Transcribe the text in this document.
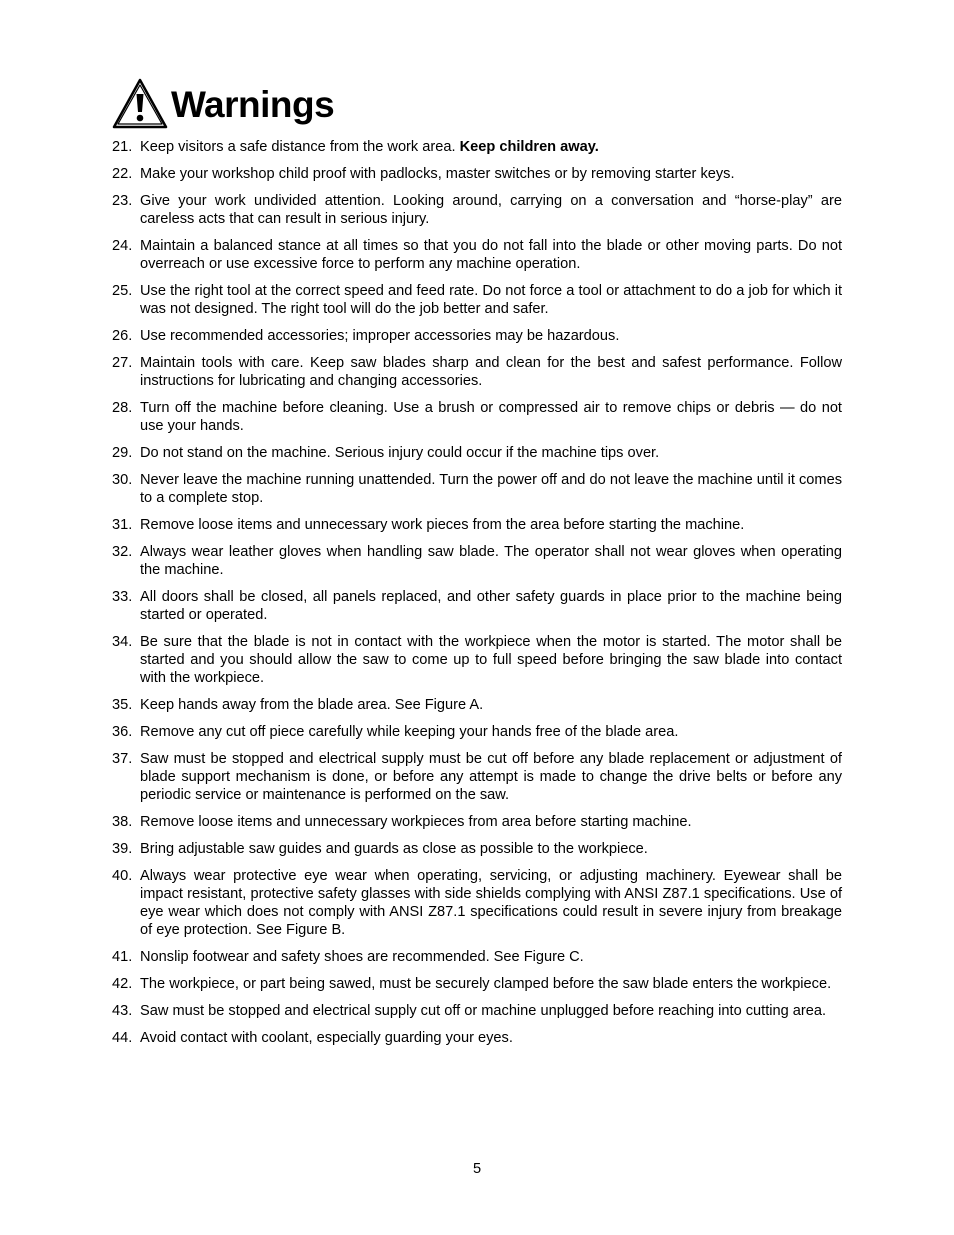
Warnings
21. Keep visitors a safe distance from the work area. Keep children away.
22. Make your workshop child proof with padlocks, master switches or by removing starter keys.
23. Give your work undivided attention. Looking around, carrying on a conversation and “horse-play” are careless acts that can result in serious injury.
24. Maintain a balanced stance at all times so that you do not fall into the blade or other moving parts. Do not overreach or use excessive force to perform any machine operation.
25. Use the right tool at the correct speed and feed rate. Do not force a tool or attachment to do a job for which it was not designed. The right tool will do the job better and safer.
26. Use recommended accessories; improper accessories may be hazardous.
27. Maintain tools with care. Keep saw blades sharp and clean for the best and safest performance. Follow instructions for lubricating and changing accessories.
28. Turn off the machine before cleaning. Use a brush or compressed air to remove chips or debris — do not use your hands.
29. Do not stand on the machine. Serious injury could occur if the machine tips over.
30. Never leave the machine running unattended. Turn the power off and do not leave the machine until it comes to a complete stop.
31. Remove loose items and unnecessary work pieces from the area before starting the machine.
32. Always wear leather gloves when handling saw blade. The operator shall not wear gloves when operating the machine.
33. All doors shall be closed, all panels replaced, and other safety guards in place prior to the machine being started or operated.
34. Be sure that the blade is not in contact with the workpiece when the motor is started. The motor shall be started and you should allow the saw to come up to full speed before bringing the saw blade into contact with the workpiece.
35. Keep hands away from the blade area. See Figure A.
36. Remove any cut off piece carefully while keeping your hands free of the blade area.
37. Saw must be stopped and electrical supply must be cut off before any blade replacement or adjustment of blade support mechanism is done, or before any attempt is made to change the drive belts or before any periodic service or maintenance is performed on the saw.
38. Remove loose items and unnecessary workpieces from area before starting machine.
39. Bring adjustable saw guides and guards as close as possible to the workpiece.
40. Always wear protective eye wear when operating, servicing, or adjusting machinery. Eyewear shall be impact resistant, protective safety glasses with side shields complying with ANSI Z87.1 specifications. Use of eye wear which does not comply with ANSI Z87.1 specifications could result in severe injury from breakage of eye protection. See Figure B.
41. Nonslip footwear and safety shoes are recommended. See Figure C.
42. The workpiece, or part being sawed, must be securely clamped before the saw blade enters the workpiece.
43. Saw must be stopped and electrical supply cut off or machine unplugged before reaching into cutting area.
44. Avoid contact with coolant, especially guarding your eyes.
5
